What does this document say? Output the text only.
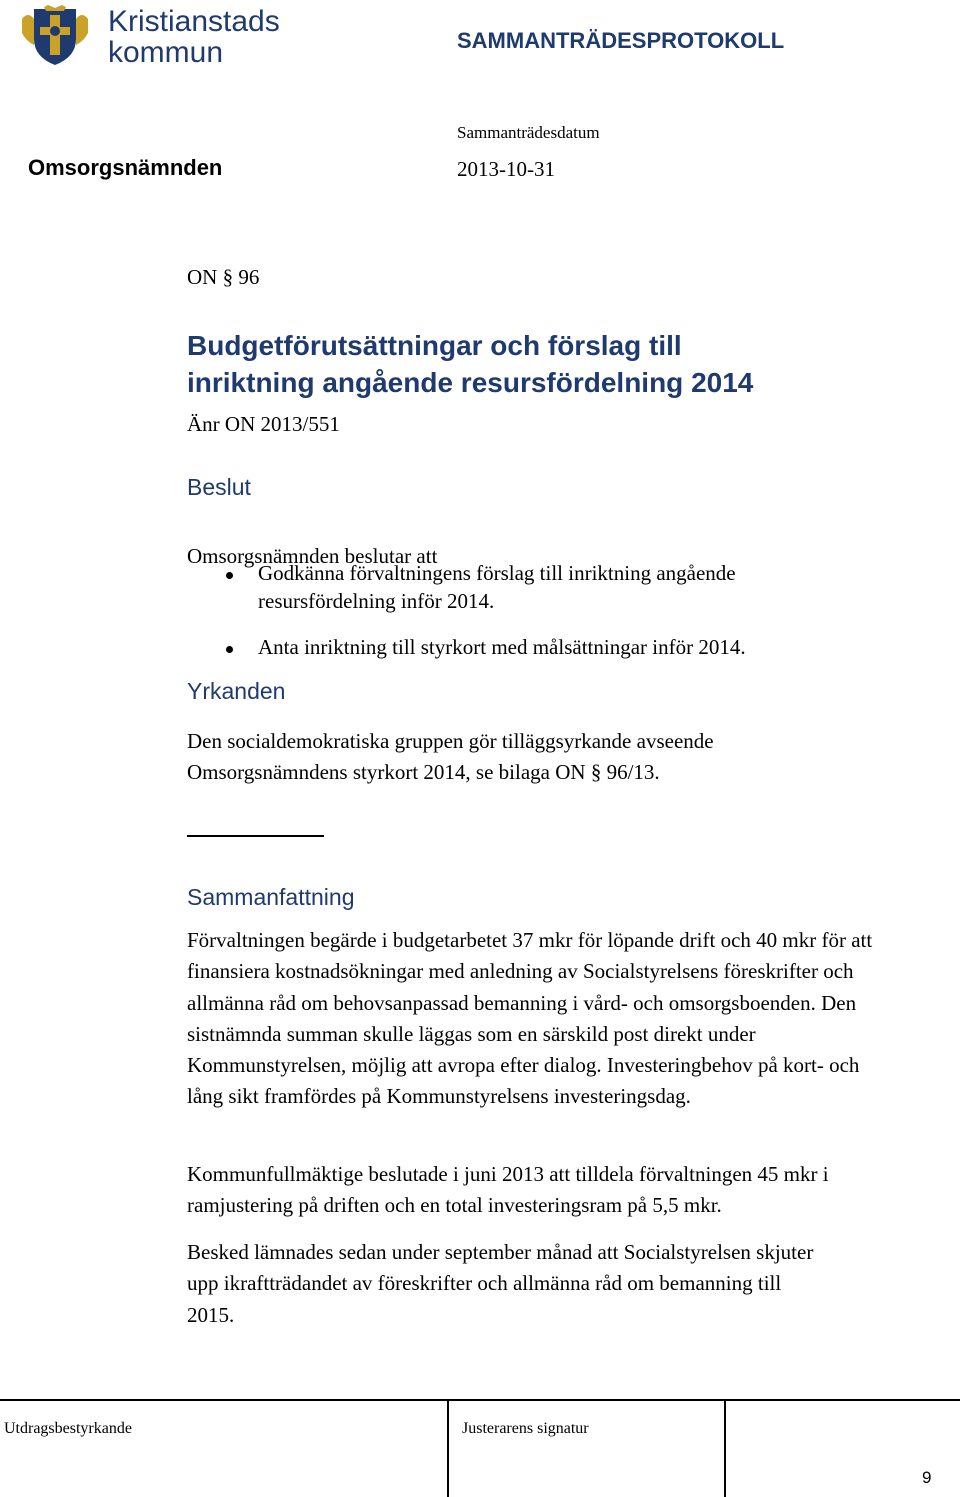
Kristianstads
kommun	SAMMANTRÄDESPROTOKOLL
Sammanträdesdatum
Omsorgsnämnden	2013-10-31
ON § 96
Budgetförutsättningar och förslag till
inriktning angående resursfördelning 2014
Änr ON 2013/551
Beslut
Omsorgsnämnden beslutar att
Godkänna förvaltningens förslag till inriktning angående
resursfördelning inför 2014.
Anta inriktning till styrkort med målsättningar inför 2014.
Yrkanden
Den socialdemokratiska gruppen gör tilläggsyrkande avseende Omsorgsnämndens styrkort 2014, se bilaga ON § 96/13.
Sammanfattning
Förvaltningen begärde i budgetarbetet 37 mkr för löpande drift och 40 mkr för att finansiera kostnadsökningar med anledning av Socialstyrelsens föreskrifter och allmänna råd om behovsanpassad bemanning i vård- och omsorgsboenden. Den sistnämnda summan skulle läggas som en särskild post direkt under Kommunstyrelsen, möjlig att avropa efter dialog. Investeringbehov på kort- och lång sikt framfördes på Kommunstyrelsens investeringsdag.
Kommunfullmäktige beslutade i juni 2013 att tilldela förvaltningen 45 mkr i ramjustering på driften och en total investeringsram på 5,5 mkr.
Besked lämnades sedan under september månad att Socialstyrelsen skjuter upp ikraftträdandet av föreskrifter och allmänna råd om bemanning till 2015.
Utdragsbestyrkande	Justerarens signatur
9
